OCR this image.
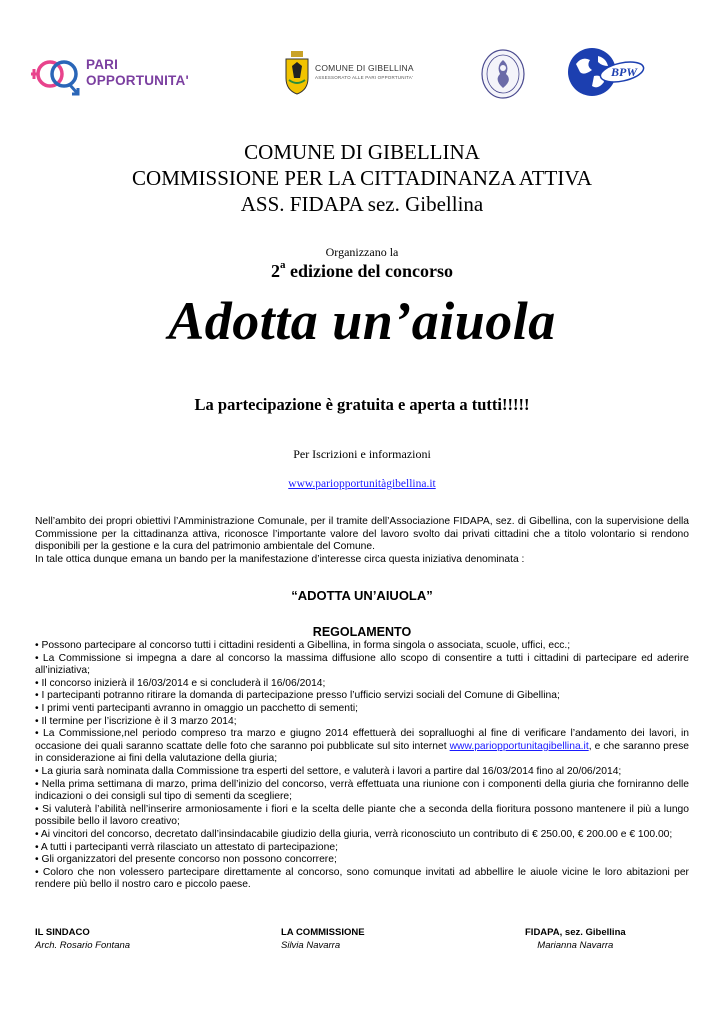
PARI
OPPORTUNITA'
COMUNE DI GIBELLINA
ASSESSORATO ALLE PARI OPPORTUNITA'	BPW
COMUNE DI GIBELLINA
COMMISSIONE PER LA CITTADINANZA ATTIVA
ASS. FIDAPA sez. Gibellina
Organizzano la
2$^a$ edizione del concorso
Adotta un’aiuola
La partecipazione è gratuita e aperta a tutti!!!!!
Per Iscrizioni e informazioni
www.pariopportunitàgibellina.it

Nell’ambito dei propri obiettivi l’Amministrazione Comunale, per il tramite dell’Associazione FIDAPA, sez. di Gibellina, con la supervisione della Commissione per la cittadinanza attiva, riconosce l’importante valore del lavoro svolto dai privati cittadini che a titolo volontario si rendono disponibili per la gestione e la cura del patrimonio ambientale del Comune.

In tale ottica dunque emana un bando per la manifestazione d’interesse circa questa iniziativa denominata :

“ADOTTA UN’AIUOLA”
REGOLAMENTO

• Possono partecipare al concorso tutti i cittadini residenti a Gibellina, in forma singola o associata, scuole, uffici, ecc.;

• La Commissione si impegna a dare al concorso la massima diffusione allo scopo di consentire a tutti i cittadini di partecipare ed aderire all’iniziativa;

• Il concorso inizierà il 16/03/2014 e si concluderà il 16/06/2014;

• I partecipanti potranno ritirare la domanda di partecipazione presso l’ufficio servizi sociali del Comune di Gibellina;

• I primi venti partecipanti avranno in omaggio un pacchetto di sementi;

• Il termine per l’iscrizione è il 3 marzo 2014;

• La Commissione,nel periodo compreso tra marzo e giugno 2014 effettuerà dei sopralluoghi al fine di verificare l’andamento dei lavori, in occasione dei quali saranno scattate delle foto che saranno poi pubblicate sul sito internet www.pariopportunitagibellina.it, e che saranno prese in considerazione ai fini della valutazione della giuria;

• La giuria sarà nominata dalla Commissione tra esperti del settore, e valuterà i lavori a partire dal 16/03/2014 fino al 20/06/2014;

• Nella prima settimana di marzo, prima dell’inizio del concorso, verrà effettuata una riunione con i componenti della giuria che forniranno delle indicazioni o dei consigli sul tipo di sementi da scegliere;

• Si valuterà l’abilità nell’inserire armoniosamente i fiori e la scelta delle piante che a seconda della fioritura possono mantenere il più a lungo possibile bello il lavoro creativo;

• Ai vincitori del concorso, decretato dall’insindacabile giudizio della giuria, verrà riconosciuto un contributo di € 250.00, € 200.00 e € 100.00;

• A tutti i partecipanti verrà rilasciato un attestato di partecipazione;

• Gli organizzatori del presente concorso non possono concorrere;

• Coloro che non volessero partecipare direttamente al concorso, sono comunque invitati ad abbellire le aiuole vicine le loro abitazioni per rendere più bello il nostro caro e piccolo paese.

IL SINDACO
Arch. Rosario Fontana
LA COMMISSIONE
Silvia Navarra
FIDAPA, sez. Gibellina
Marianna Navarra
